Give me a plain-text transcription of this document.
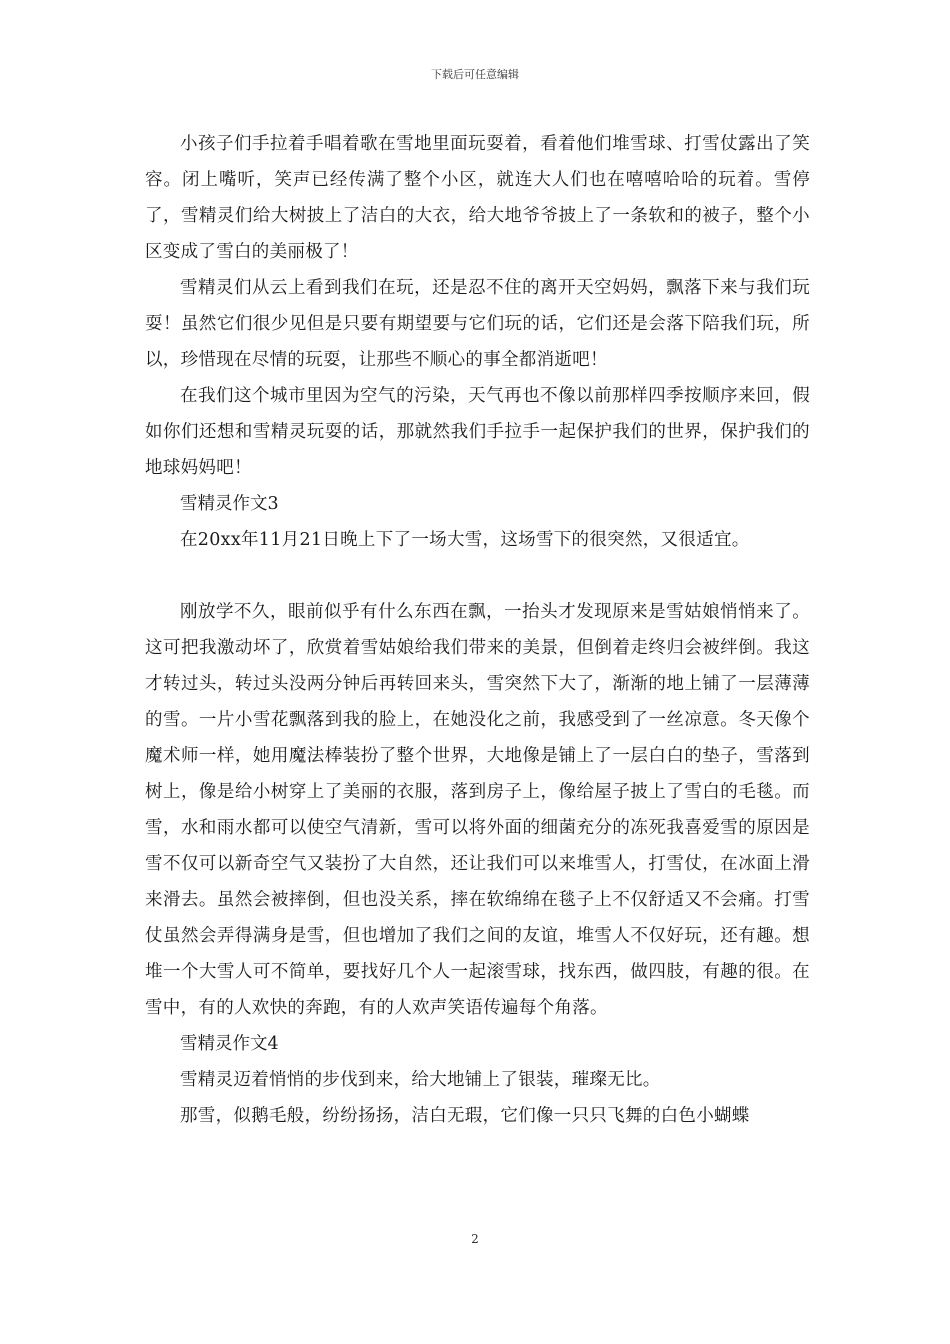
下载后可任意编辑

小孩子们手拉着手唱着歌在雪地里面玩耍着，看着他们堆雪球、打雪仗露出了笑容。闭上嘴听，笑声已经传满了整个小区，就连大人们也在嘻嘻哈哈的玩着。雪停了，雪精灵们给大树披上了洁白的大衣，给大地爷爷披上了一条软和的被子，整个小区变成了雪白的美丽极了！

雪精灵们从云上看到我们在玩，还是忍不住的离开天空妈妈，飘落下来与我们玩耍！虽然它们很少见但是只要有期望要与它们玩的话，它们还是会落下陪我们玩，所以，珍惜现在尽情的玩耍，让那些不顺心的事全都消逝吧！

在我们这个城市里因为空气的污染，天气再也不像以前那样四季按顺序来回，假如你们还想和雪精灵玩耍的话，那就然我们手拉手一起保护我们的世界，保护我们的地球妈妈吧！

雪精灵作文3

在20xx年11月21日晚上下了一场大雪，这场雪下的很突然，又很适宜。

刚放学不久，眼前似乎有什么东西在飘，一抬头才发现原来是雪姑娘悄悄来了。这可把我激动坏了，欣赏着雪姑娘给我们带来的美景，但倒着走终归会被绊倒。我这才转过头，转过头没两分钟后再转回来头，雪突然下大了，渐渐的地上铺了一层薄薄的雪。一片小雪花飘落到我的脸上，在她没化之前，我感受到了一丝凉意。冬天像个魔术师一样，她用魔法棒装扮了整个世界，大地像是铺上了一层白白的垫子，雪落到树上，像是给小树穿上了美丽的衣服，落到房子上，像给屋子披上了雪白的毛毯。而雪，水和雨水都可以使空气清新，雪可以将外面的细菌充分的冻死我喜爱雪的原因是雪不仅可以新奇空气又装扮了大自然，还让我们可以来堆雪人，打雪仗，在冰面上滑来滑去。虽然会被摔倒，但也没关系，摔在软绵绵在毯子上不仅舒适又不会痛。打雪仗虽然会弄得满身是雪，但也增加了我们之间的友谊，堆雪人不仅好玩，还有趣。想堆一个大雪人可不简单，要找好几个人一起滚雪球，找东西，做四肢，有趣的很。在雪中，有的人欢快的奔跑，有的人欢声笑语传遍每个角落。

雪精灵作文4

雪精灵迈着悄悄的步伐到来，给大地铺上了银装，璀璨无比。

那雪，似鹅毛般，纷纷扬扬，洁白无瑕，它们像一只只飞舞的白色小蝴蝶

2
